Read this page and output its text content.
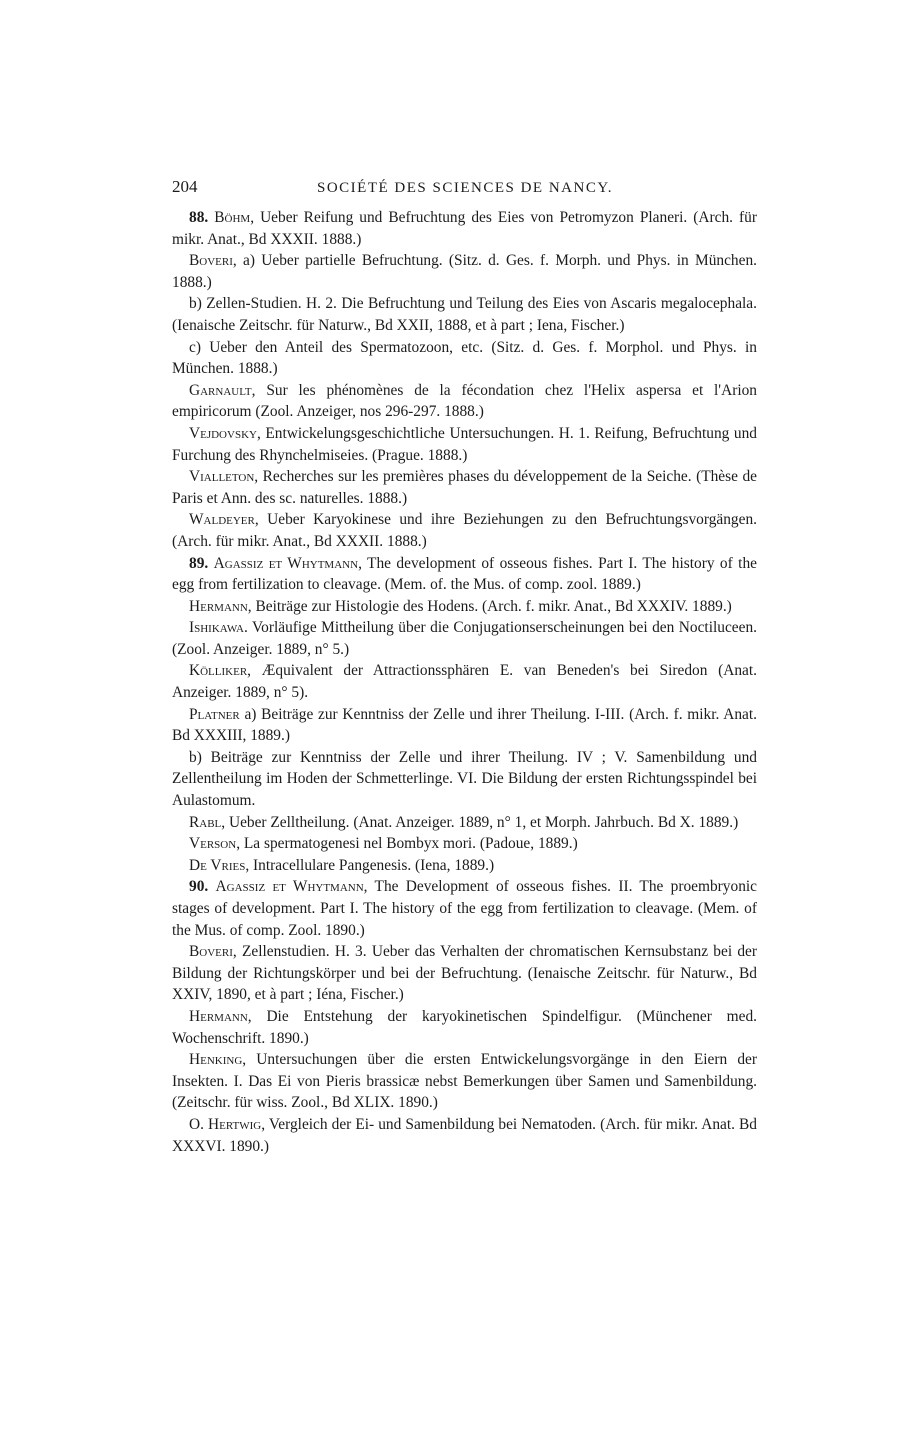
204	SOCIÉTÉ DES SCIENCES DE NANCY.

88. Böhm, Ueber Reifung und Befruchtung des Eies von Petromyzon Planeri. (Arch. für mikr. Anat., Bd XXXII. 1888.)

Boveri, a) Ueber partielle Befruchtung. (Sitz. d. Ges. f. Morph. und Phys. in München. 1888.)

b) Zellen-Studien. H. 2. Die Befruchtung und Teilung des Eies von Ascaris megalocephala. (Ienaische Zeitschr. für Naturw., Bd XXII, 1888, et à part ; Iena, Fischer.)

c) Ueber den Anteil des Spermatozoon, etc. (Sitz. d. Ges. f. Morphol. und Phys. in München. 1888.)

Garnault, Sur les phénomènes de la fécondation chez l'Helix aspersa et l'Arion empiricorum (Zool. Anzeiger, nos 296-297. 1888.)

Vejdovsky, Entwickelungsgeschichtliche Untersuchungen. H. 1. Reifung, Befruchtung und Furchung des Rhynchelmiseies. (Prague. 1888.)

Vialleton, Recherches sur les premières phases du développement de la Seiche. (Thèse de Paris et Ann. des sc. naturelles. 1888.)

Waldeyer, Ueber Karyokinese und ihre Beziehungen zu den Befruchtungsvorgängen. (Arch. für mikr. Anat., Bd XXXII. 1888.)

89. Agassiz et Whytmann, The development of osseous fishes. Part I. The history of the egg from fertilization to cleavage. (Mem. of. the Mus. of comp. zool. 1889.)

Hermann, Beiträge zur Histologie des Hodens. (Arch. f. mikr. Anat., Bd XXXIV. 1889.)

Ishikawa. Vorläufige Mittheilung über die Conjugationserscheinungen bei den Noctiluceen. (Zool. Anzeiger. 1889, n° 5.)

Kölliker, Æquivalent der Attractionssphären E. van Beneden's bei Siredon (Anat. Anzeiger. 1889, n° 5).

Platner a) Beiträge zur Kenntniss der Zelle und ihrer Theilung. I-III. (Arch. f. mikr. Anat. Bd XXXIII, 1889.)

b) Beiträge zur Kenntniss der Zelle und ihrer Theilung. IV ; V. Samenbildung und Zellentheilung im Hoden der Schmetterlinge. VI. Die Bildung der ersten Richtungsspindel bei Aulastomum.

Rabl, Ueber Zelltheilung. (Anat. Anzeiger. 1889, n° 1, et Morph. Jahrbuch. Bd X. 1889.)

Verson, La spermatogenesi nel Bombyx mori. (Padoue, 1889.)

De Vries, Intracellulare Pangenesis. (Iena, 1889.)

90. Agassiz et Whytmann, The Development of osseous fishes. II. The proembryonic stages of development. Part I. The history of the egg from fertilization to cleavage. (Mem. of the Mus. of comp. Zool. 1890.)

Boveri, Zellenstudien. H. 3. Ueber das Verhalten der chromatischen Kernsubstanz bei der Bildung der Richtungskörper und bei der Befruchtung. (Ienaische Zeitschr. für Naturw., Bd XXIV, 1890, et à part ; Iéna, Fischer.)

Hermann, Die Entstehung der karyokinetischen Spindelfigur. (Münchener med. Wochenschrift. 1890.)

Henking, Untersuchungen über die ersten Entwickelungsvorgänge in den Eiern der Insekten. I. Das Ei von Pieris brassicæ nebst Bemerkungen über Samen und Samenbildung. (Zeitschr. für wiss. Zool., Bd XLIX. 1890.)

O. Hertwig, Vergleich der Ei- und Samenbildung bei Nematoden. (Arch. für mikr. Anat. Bd XXXVI. 1890.)
